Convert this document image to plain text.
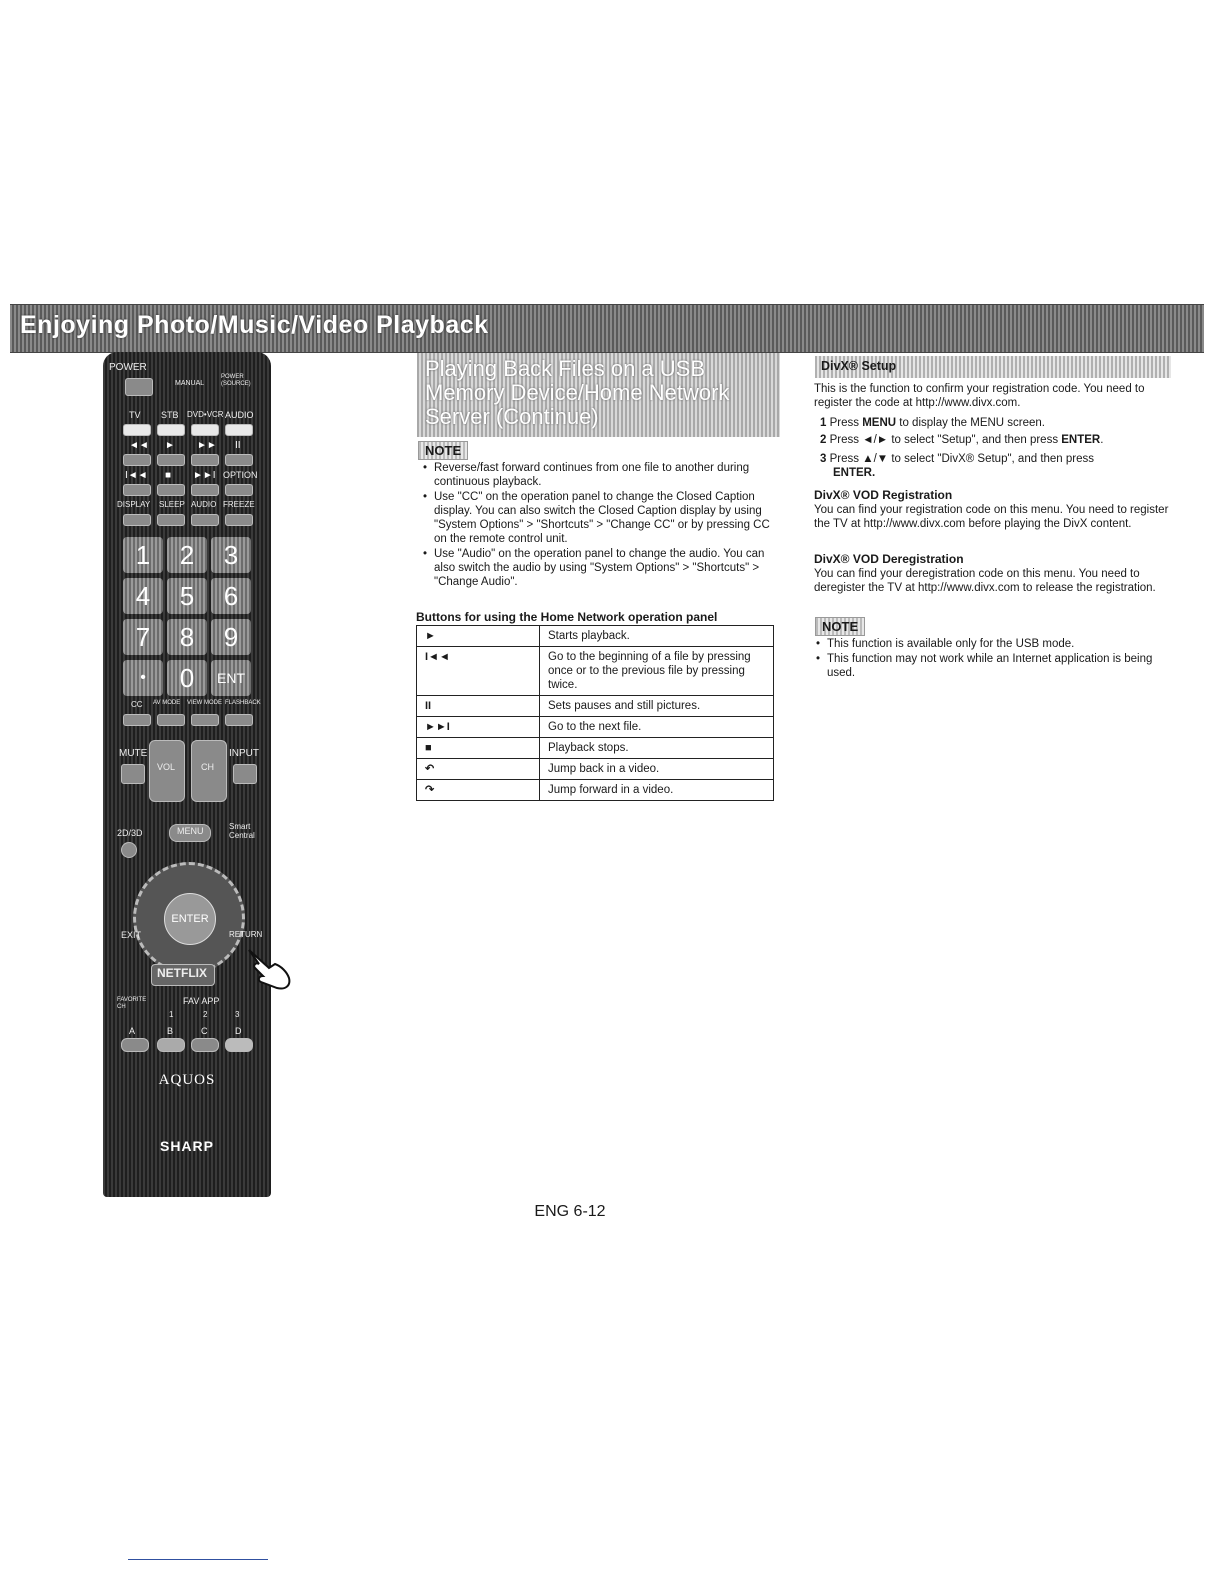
Enjoying Photo/Music/Video Playback
POWER
MANUAL
POWER (SOURCE)
TV STB DVD•VCR AUDIO
◄◄ ► ►► II
I◄◄ ■ ►►I OPTION
DISPLAY SLEEP AUDIO FREEZE
1	2	3
4	5	6
7	8	9
•	0	ENT
CC AV MODE VIEW MODE FLASHBACK
MUTE
VOL	CH
INPUT
2D/3D	MENU	Smart Central
ENTER
EXIT	RETURN
NETFLIX
FAVORITE CH
FAV APP
1	2	3
A	B	C	D
AQUOS
SHARP
Playing Back Files on a USB Memory Device/Home Network Server (Continue)
NOTE
• Reverse/fast forward continues from one file to another during continuous playback.
• Use "CC" on the operation panel to change the Closed Caption display. You can also switch the Closed Caption display by using "System Options" > "Shortcuts" > "Change CC" or by pressing CC on the remote control unit.
• Use "Audio" on the operation panel to change the audio. You can also switch the audio by using "System Options" > "Shortcuts" > "Change Audio".
Buttons for using the Home Network operation panel
►	Starts playback.
I◄◄	Go to the beginning of a file by pressing once or to the previous file by pressing twice.
II	Sets pauses and still pictures.
►►I	Go to the next file.
■	Playback stops.
↶	Jump back in a video.
↷	Jump forward in a video.
DivX® Setup
This is the function to confirm your registration code. You need to register the code at http://www.divx.com.
1 Press MENU to display the MENU screen.
2 Press ◄/► to select "Setup", and then press ENTER.
3 Press ▲/▼ to select "DivX® Setup", and then press
ENTER.
DivX® VOD Registration
You can find your registration code on this menu. You need to register the TV at http://www.divx.com before playing the DivX content.
DivX® VOD Deregistration
You can find your deregistration code on this menu. You need to deregister the TV at http://www.divx.com to release the registration.
NOTE
• This function is available only for the USB mode.
• This function may not work while an Internet application is being used.
ENG 6-12
